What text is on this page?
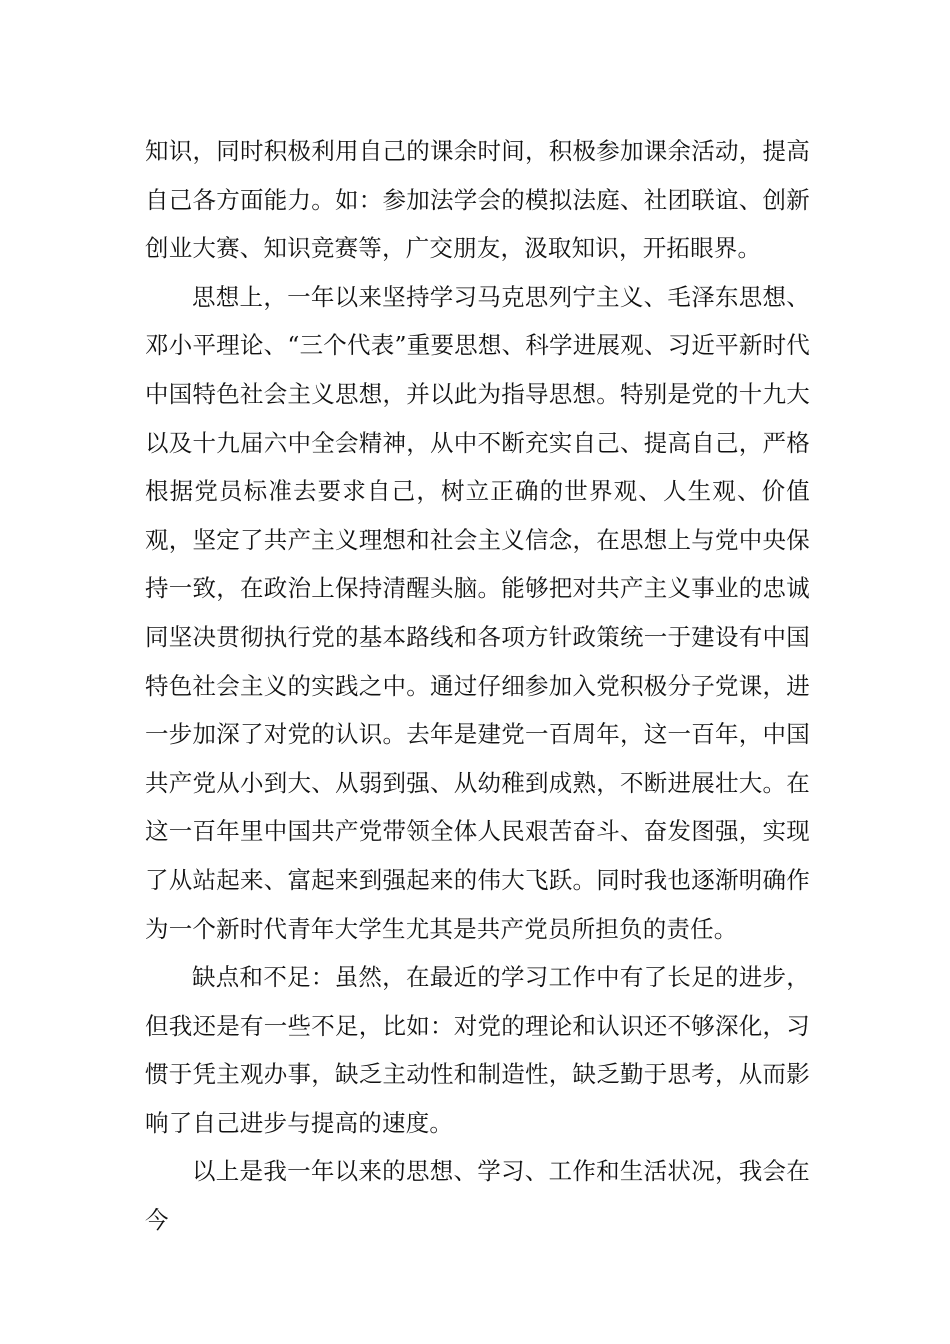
知识，同时积极利用自己的课余时间，积极参加课余活动，提高自己各方面能力。如：参加法学会的模拟法庭、社团联谊、创新创业大赛、知识竞赛等，广交朋友，汲取知识，开拓眼界。

思想上，一年以来坚持学习马克思列宁主义、毛泽东思想、邓小平理论、“三个代表”重要思想、科学进展观、习近平新时代中国特色社会主义思想，并以此为指导思想。特别是党的十九大以及十九届六中全会精神，从中不断充实自己、提高自己，严格根据党员标准去要求自己，树立正确的世界观、人生观、价值观，坚定了共产主义理想和社会主义信念，在思想上与党中央保持一致，在政治上保持清醒头脑。能够把对共产主义事业的忠诚同坚决贯彻执行党的基本路线和各项方针政策统一于建设有中国特色社会主义的实践之中。通过仔细参加入党积极分子党课，进一步加深了对党的认识。去年是建党一百周年，这一百年，中国共产党从小到大、从弱到强、从幼稚到成熟，不断进展壮大。在这一百年里中国共产党带领全体人民艰苦奋斗、奋发图强，实现了从站起来、富起来到强起来的伟大飞跃。同时我也逐渐明确作为一个新时代青年大学生尤其是共产党员所担负的责任。

缺点和不足：虽然，在最近的学习工作中有了长足的进步，但我还是有一些不足，比如：对党的理论和认识还不够深化，习惯于凭主观办事，缺乏主动性和制造性，缺乏勤于思考，从而影响了自己进步与提高的速度。

以上是我一年以来的思想、学习、工作和生活状况，我会在今
